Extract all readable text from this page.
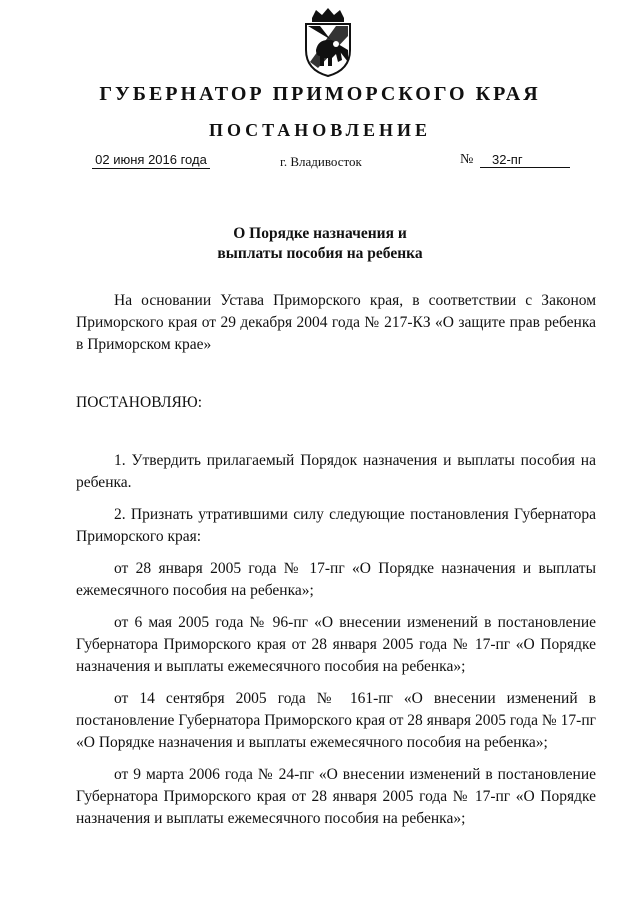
ГУБЕРНАТОР ПРИМОРСКОГО КРАЯ
ПОСТАНОВЛЕНИЕ
02 июня 2016 года	г. Владивосток	№	32-пг
О Порядке назначения и
выплаты пособия на ребенка

На основании Устава Приморского края, в соответствии с Законом Приморского края от 29 декабря 2004 года № 217-КЗ «О защите прав ребенка в Приморском крае»

ПОСТАНОВЛЯЮ:

1. Утвердить прилагаемый Порядок назначения и выплаты пособия на ребенка.

2. Признать утратившими силу следующие постановления Губернатора Приморского края:

от 28 января 2005 года № 17-пг «О Порядке назначения и выплаты ежемесячного пособия на ребенка»;

от 6 мая 2005 года № 96-пг «О внесении изменений в постановление Губернатора Приморского края от 28 января 2005 года № 17-пг «О Порядке назначения и выплаты ежемесячного пособия на ребенка»;

от 14 сентября 2005 года № 161-пг «О внесении изменений в постановление Губернатора Приморского края от 28 января 2005 года № 17-пг «О Порядке назначения и выплаты ежемесячного пособия на ребенка»;

от 9 марта 2006 года № 24-пг «О внесении изменений в постановление Губернатора Приморского края от 28 января 2005 года № 17-пг «О Порядке назначения и выплаты ежемесячного пособия на ребенка»;
